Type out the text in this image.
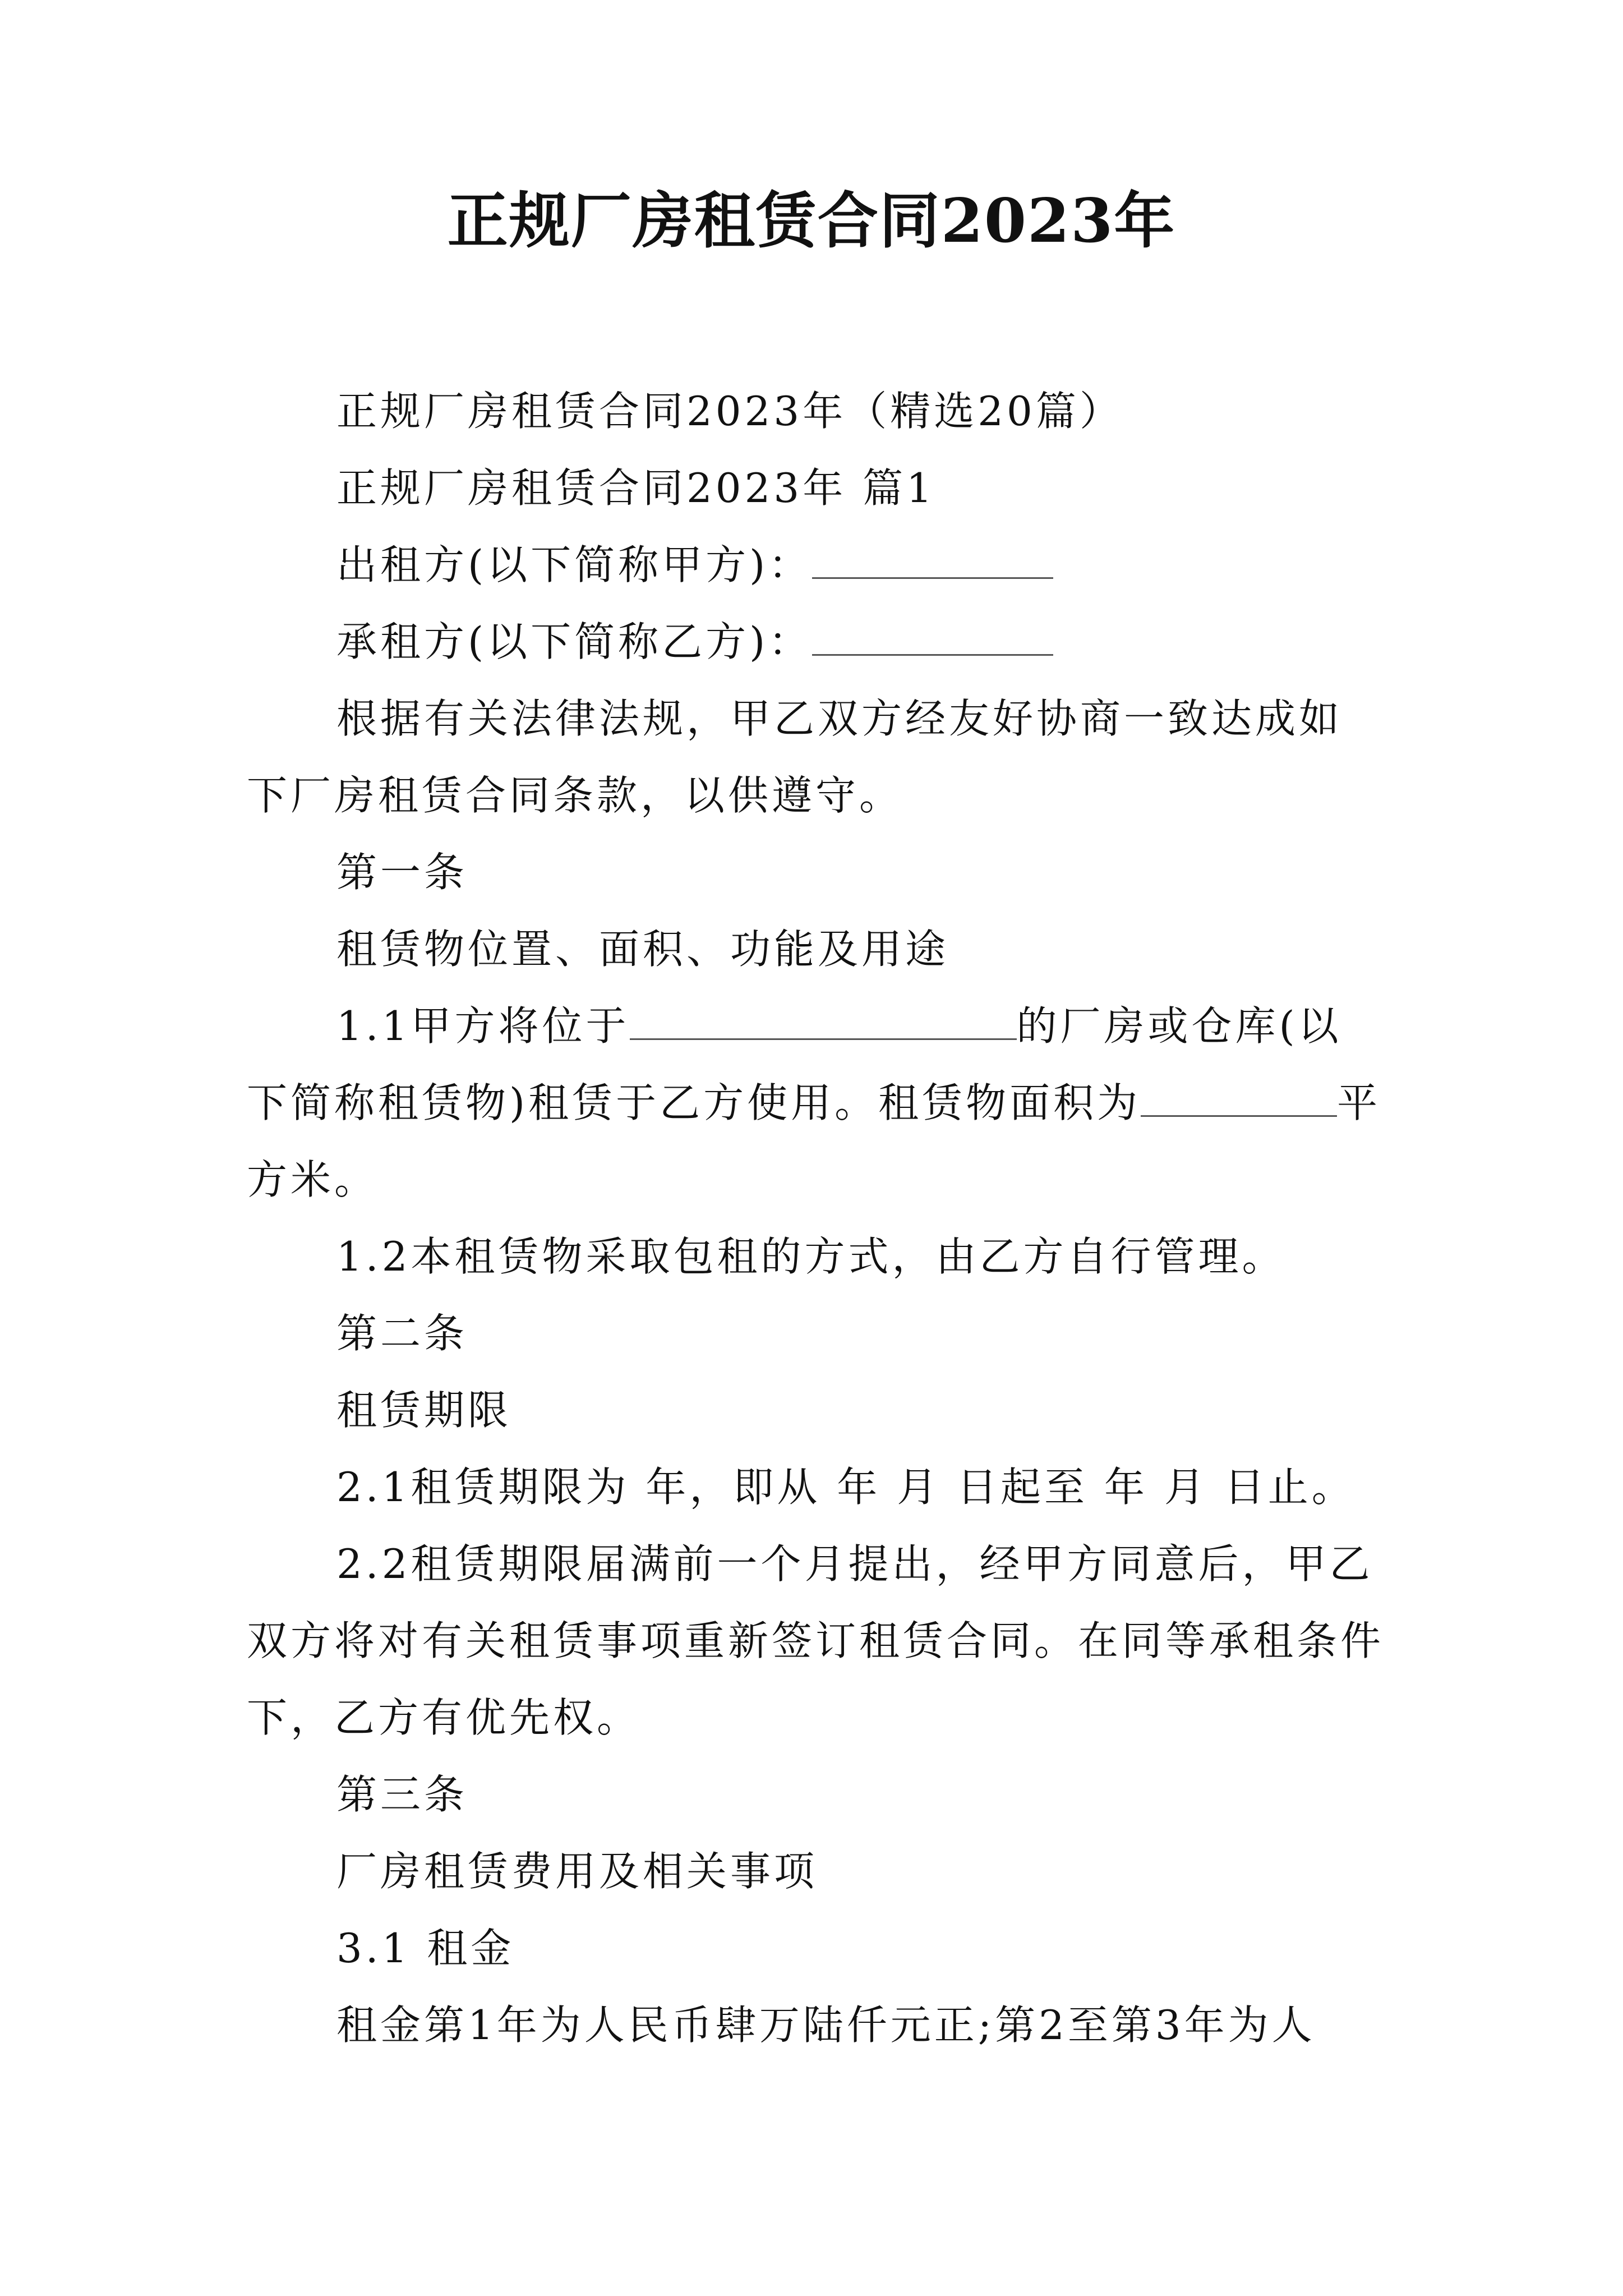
正规厂房租赁合同2023年

正规厂房租赁合同2023年（精选20篇）

正规厂房租赁合同2023年 篇1

出租方(以下简称甲方)：

承租方(以下简称乙方)：

根据有关法律法规，甲乙双方经友好协商一致达成如下厂房租赁合同条款，以供遵守。

第一条

租赁物位置、面积、功能及用途

1.1甲方将位于	的厂房或仓库(以下简称租赁物)租赁于乙方使用。租赁物面积为	平方米。

1.2本租赁物采取包租的方式，由乙方自行管理。

第二条

租赁期限

2.1租赁期限为 年，即从 年 月 日起至 年 月 日止。

2.2租赁期限届满前一个月提出，经甲方同意后，甲乙双方将对有关租赁事项重新签订租赁合同。在同等承租条件下，乙方有优先权。

第三条

厂房租赁费用及相关事项

3.1 租金

租金第1年为人民币肆万陆仟元正;第2至第3年为人
